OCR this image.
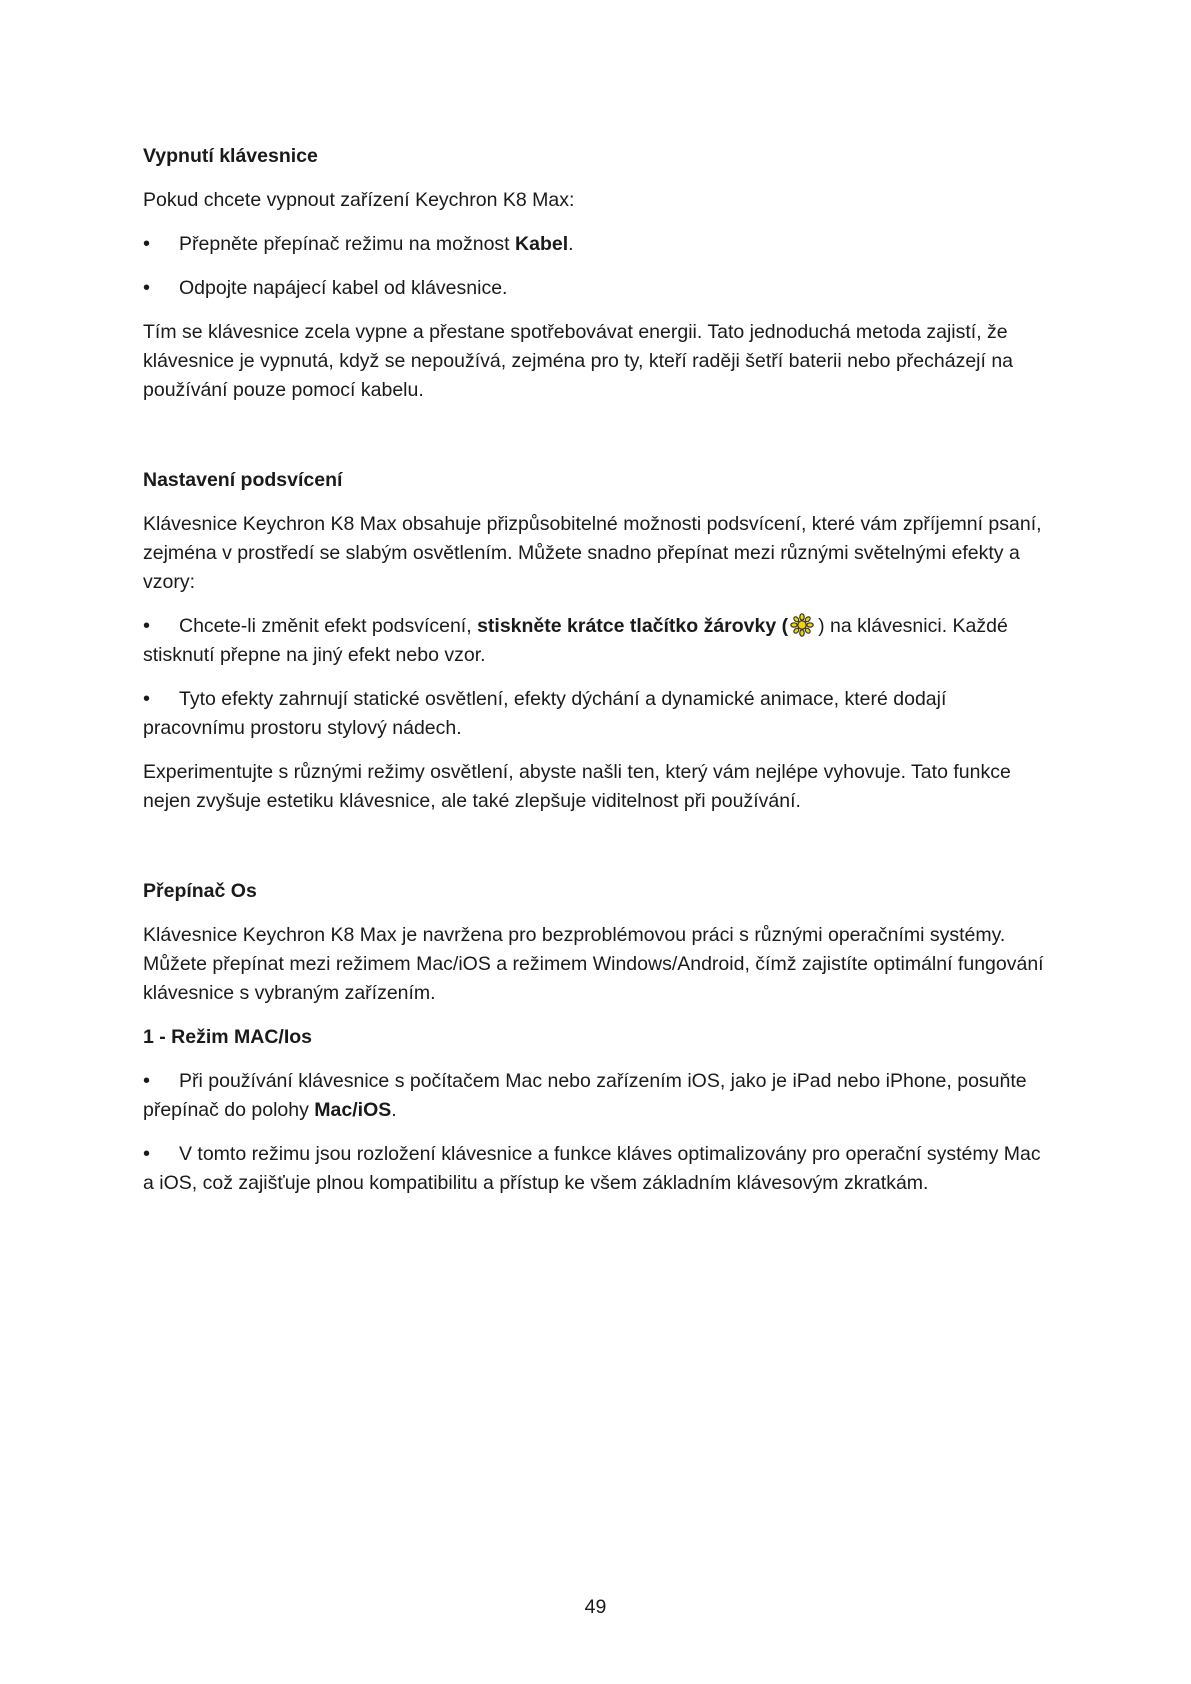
Vypnutí klávesnice

Pokud chcete vypnout zařízení Keychron K8 Max:

•Přepněte přepínač režimu na možnost Kabel.
•Odpojte napájecí kabel od klávesnice.

Tím se klávesnice zcela vypne a přestane spotřebovávat energii. Tato jednoduchá metoda zajistí, že klávesnice je vypnutá, když se nepoužívá, zejména pro ty, kteří raději šetří baterii nebo přecházejí na používání pouze pomocí kabelu.

Nastavení podsvícení

Klávesnice Keychron K8 Max obsahuje přizpůsobitelné možnosti podsvícení, které vám zpříjemní psaní, zejména v prostředí se slabým osvětlením. Můžete snadno přepínat mezi různými světelnými efekty a vzory:

•Chcete-li změnit efekt podsvícení, stiskněte krátce tlačítko žárovky ( ) na klávesnici. Každé stisknutí přepne na jiný efekt nebo vzor.
•Tyto efekty zahrnují statické osvětlení, efekty dýchání a dynamické animace, které dodají pracovnímu prostoru stylový nádech.

Experimentujte s různými režimy osvětlení, abyste našli ten, který vám nejlépe vyhovuje. Tato funkce nejen zvyšuje estetiku klávesnice, ale také zlepšuje viditelnost při používání.

Přepínač Os

Klávesnice Keychron K8 Max je navržena pro bezproblémovou práci s různými operačními systémy. Můžete přepínat mezi režimem Mac/iOS a režimem Windows/Android, čímž zajistíte optimální fungování klávesnice s vybraným zařízením.

1 - Režim MAC/Ios
•Při používání klávesnice s počítačem Mac nebo zařízením iOS, jako je iPad nebo iPhone, posuňte přepínač do polohy Mac/iOS.
•V tomto režimu jsou rozložení klávesnice a funkce kláves optimalizovány pro operační systémy Mac a iOS, což zajišťuje plnou kompatibilitu a přístup ke všem základním klávesovým zkratkám.
49
